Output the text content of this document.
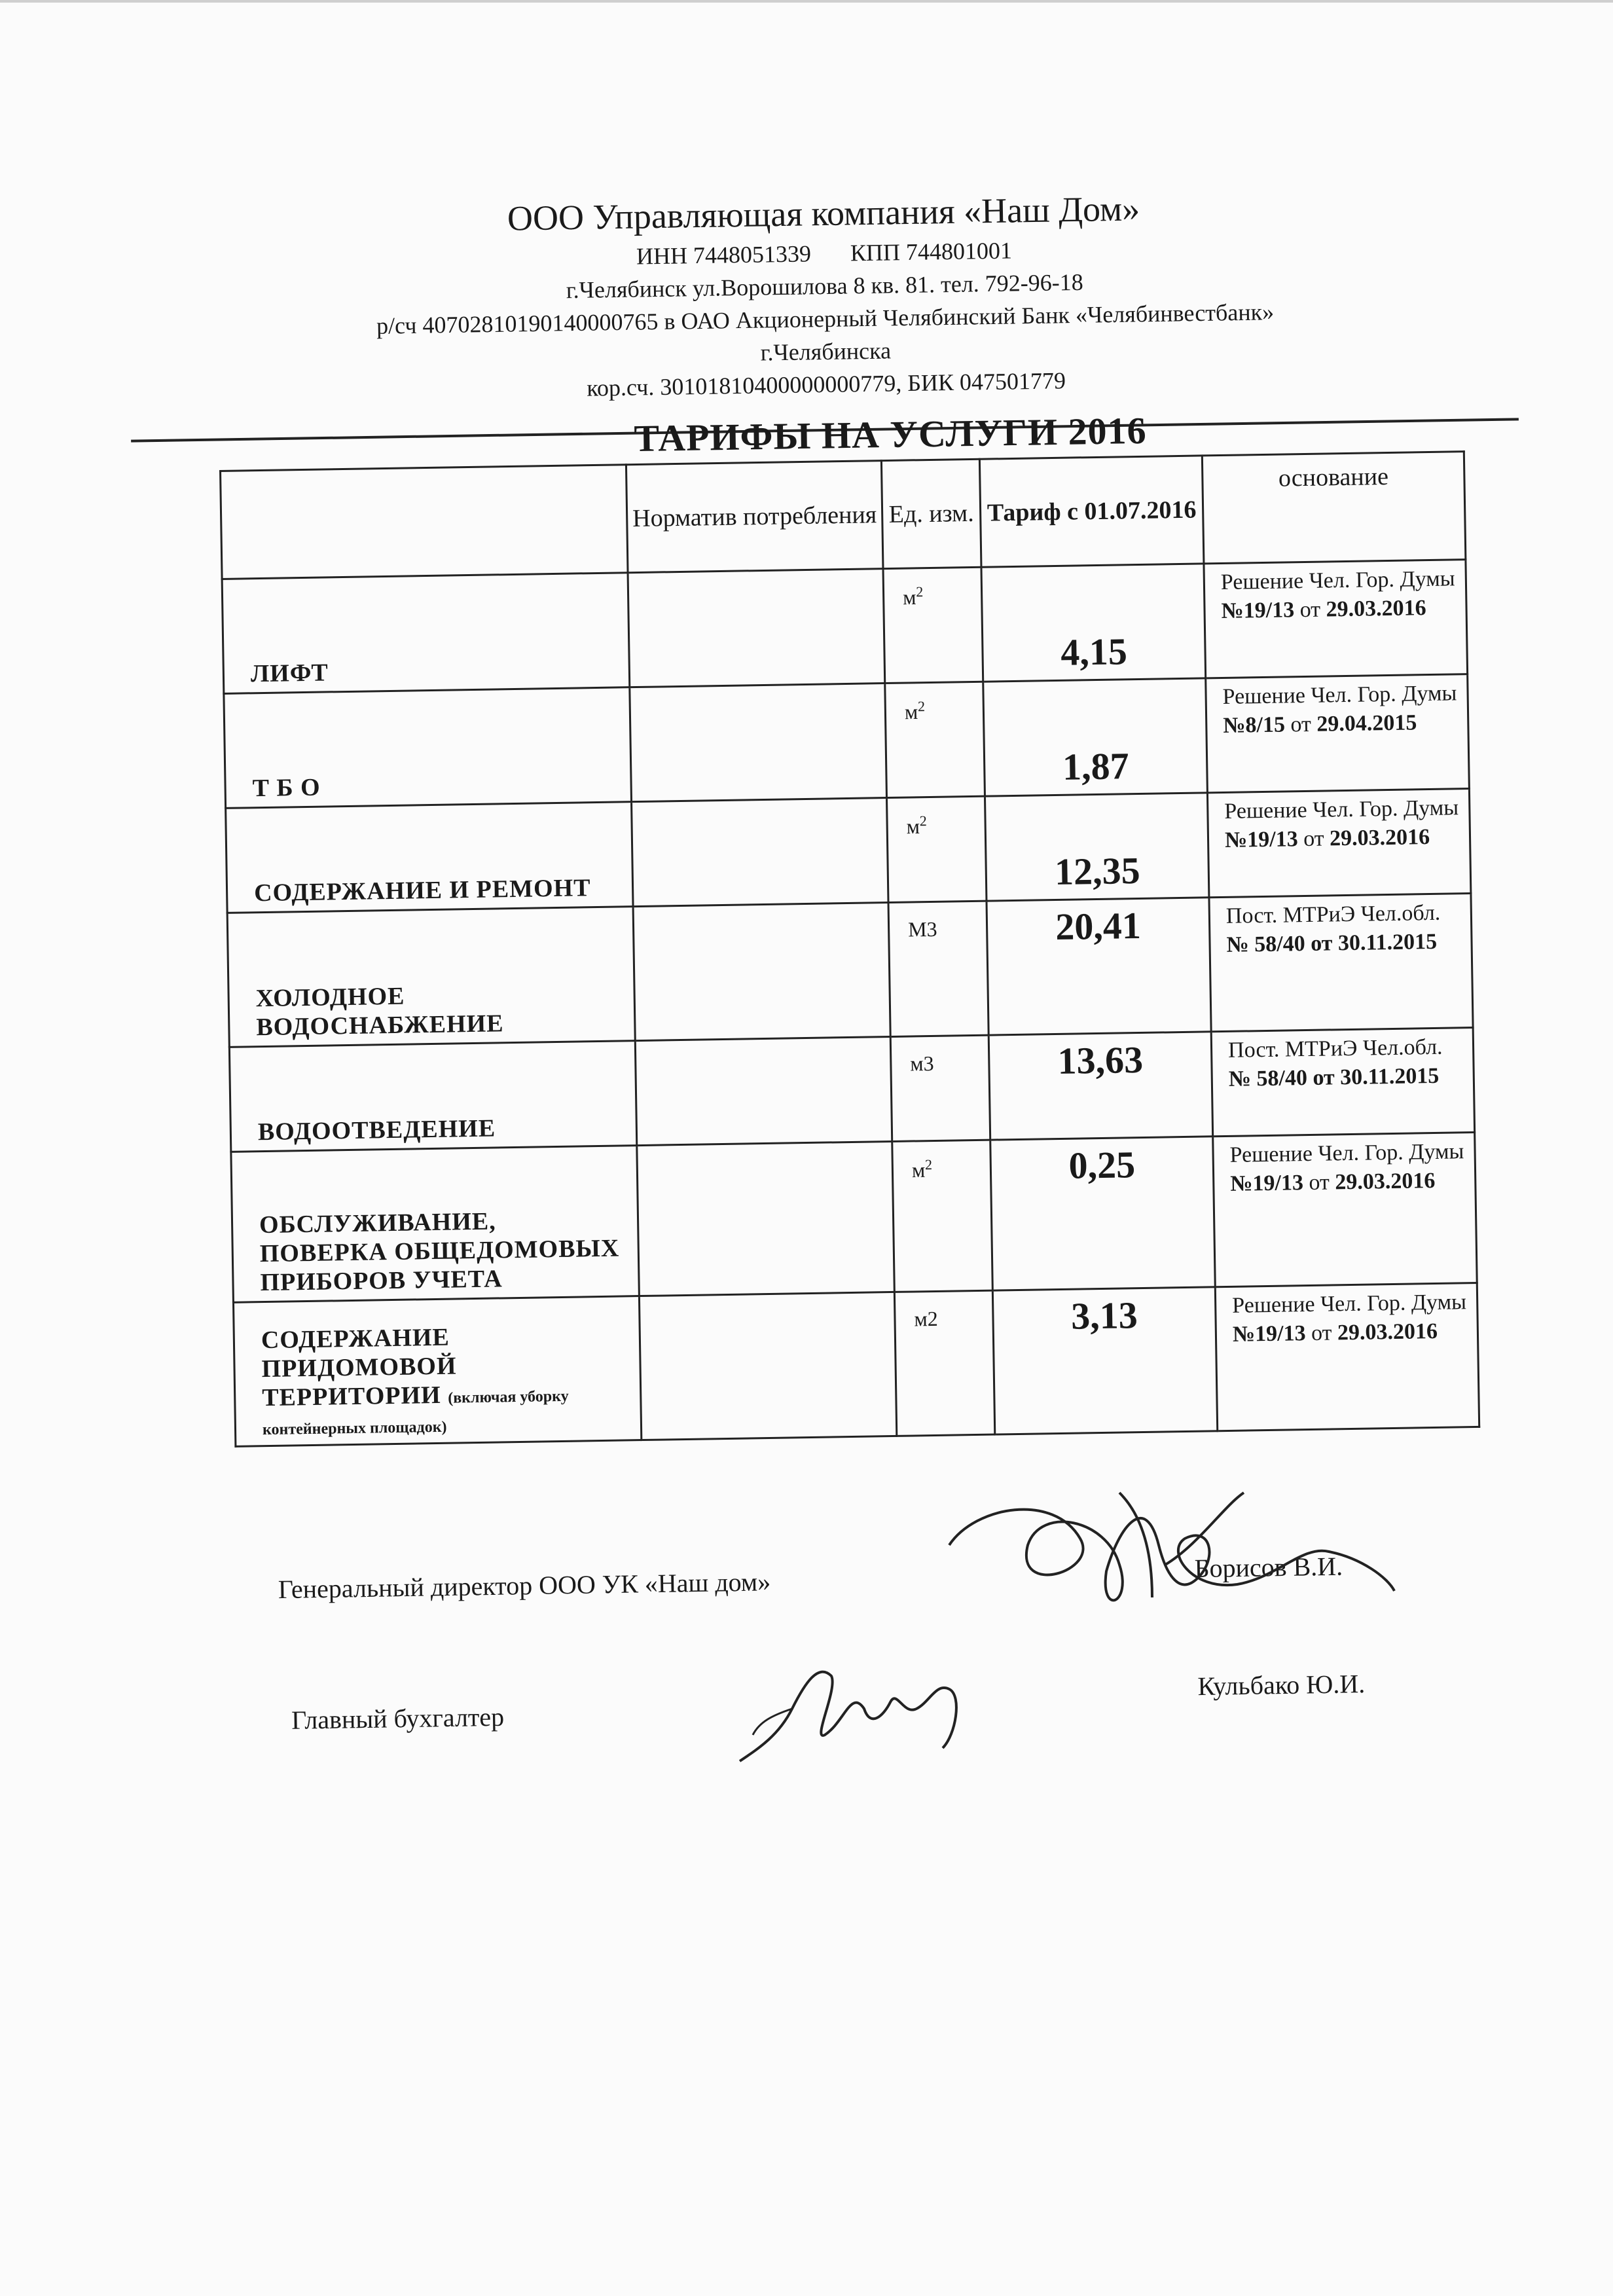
ООО Управляющая компания «Наш Дом»
ИНН 7448051339 КПП 744801001
г.Челябинск ул.Ворошилова 8 кв. 81. тел. 792-96-18
р/сч 40702810190140000765 в ОАО Акционерный Челябинский Банк «Челябинвестбанк»
г.Челябинска
кор.сч. 30101810400000000779, БИК 047501779
ТАРИФЫ НА УСЛУГИ 2016
	Норматив потребления	Ед. изм.	Тариф с 01.07.2016	основание
ЛИФТ		$м^2$	4,15	Решение Чел. Гор. Думы №19/13 от 29.03.2016
Т Б О		$м^2$	1,87	Решение Чел. Гор. Думы №8/15 от 29.04.2015
СОДЕРЖАНИЕ И РЕМОНТ		$м^2$	12,35	Решение Чел. Гор. Думы №19/13 от 29.03.2016
ХОЛОДНОЕ ВОДОСНАБЖЕНИЕ		М3	20,41	Пост. МТРиЭ Чел.обл. № 58/40 от 30.11.2015
ВОДООТВЕДЕНИЕ		м3	13,63	Пост. МТРиЭ Чел.обл. № 58/40 от 30.11.2015
ОБСЛУЖИВАНИЕ, ПОВЕРКА ОБЩЕДОМОВЫХ ПРИБОРОВ УЧЕТА		$м^2$	0,25	Решение Чел. Гор. Думы №19/13 от 29.03.2016
СОДЕРЖАНИЕ ПРИДОМОВОЙ ТЕРРИТОРИИ (включая уборку контейнерных площадок)		м2	3,13	Решение Чел. Гор. Думы №19/13 от 29.03.2016
Генеральный директор ООО УК «Наш дом»	Борисов В.И.
Главный бухгалтер
Кульбако Ю.И.
